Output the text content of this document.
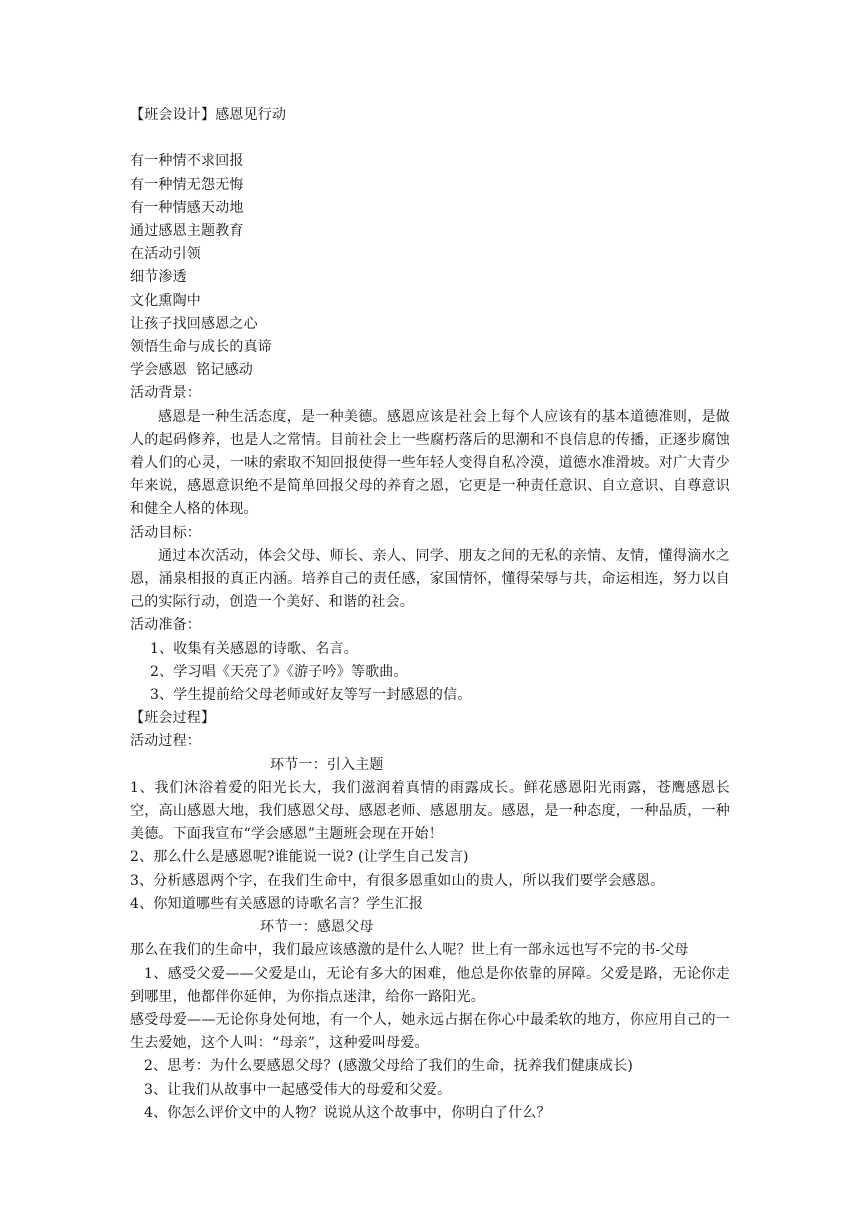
【班会设计】感恩见行动
有一种情不求回报
有一种情无怨无悔
有一种情感天动地
通过感恩主题教育
在活动引领
细节渗透
文化熏陶中
让孩子找回感恩之心
领悟生命与成长的真谛
学会感恩  铭记感动
活动背景：

感恩是一种生活态度，是一种美德。感恩应该是社会上每个人应该有的基本道德准则，是做人的起码修养，也是人之常情。目前社会上一些腐朽落后的思潮和不良信息的传播，正逐步腐蚀着人们的心灵，一味的索取不知回报使得一些年轻人变得自私冷漠，道德水准滑坡。对广大青少年来说，感恩意识绝不是简单回报父母的养育之恩，它更是一种责任意识、自立意识、自尊意识和健全人格的体现。

活动目标：

通过本次活动，体会父母、师长、亲人、同学、朋友之间的无私的亲情、友情，懂得滴水之恩，涌泉相报的真正内涵。培养自己的责任感，家国情怀，懂得荣辱与共，命运相连，努力以自己的实际行动，创造一个美好、和谐的社会。

活动准备：
1、收集有关感恩的诗歌、名言。
2、学习唱《天亮了》《游子吟》等歌曲。
3、学生提前给父母老师或好友等写一封感恩的信。
【班会过程】
活动过程：
环节一：引入主题

1、我们沐浴着爱的阳光长大，我们滋润着真情的雨露成长。鲜花感恩阳光雨露，苍鹰感恩长空，高山感恩大地，我们感恩父母、感恩老师、感恩朋友。感恩，是一种态度，一种品质，一种美德。下面我宣布“学会感恩”主题班会现在开始！

2、那么什么是感恩呢?谁能说一说? (让学生自己发言)
3、分析感恩两个字，在我们生命中，有很多恩重如山的贵人，所以我们要学会感恩。
4、你知道哪些有关感恩的诗歌名言？学生汇报
环节一：感恩父母
那么在我们的生命中，我们最应该感激的是什么人呢？世上有一部永远也写不完的书-父母

1、感受父爱——父爱是山，无论有多大的困难，他总是你依靠的屏障。父爱是路，无论你走到哪里，他都伴你延伸，为你指点迷津，给你一路阳光。

感受母爱——无论你身处何地，有一个人，她永远占据在你心中最柔软的地方，你应用自己的一生去爱她，这个人叫：“母亲”，这种爱叫母爱。

2、思考：为什么要感恩父母？(感激父母给了我们的生命，抚养我们健康成长)
3、让我们从故事中一起感受伟大的母爱和父爱。
4、你怎么评价文中的人物？说说从这个故事中，你明白了什么？
